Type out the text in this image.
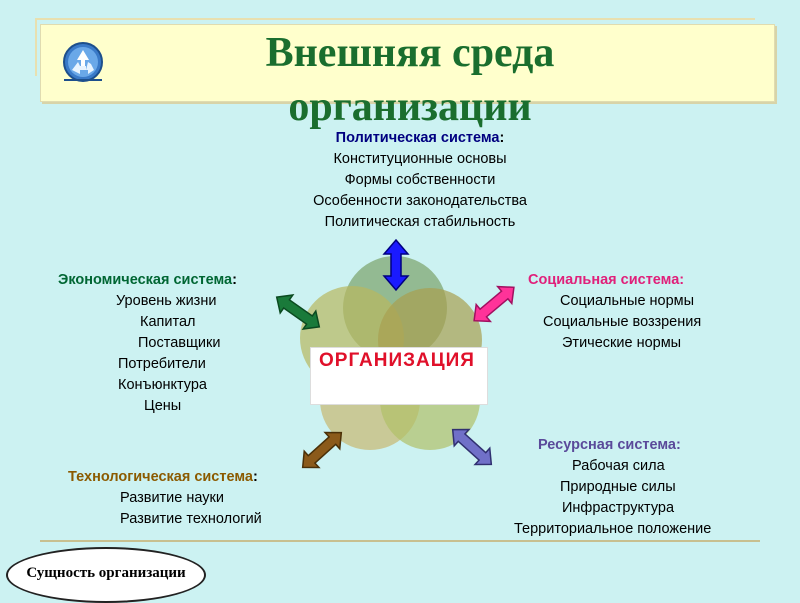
Внешняя среда организации
Политическая система:
Конституционные основы
Формы собственности
Особенности законодательства
Политическая стабильность
Экономическая система:
Уровень жизни
Капитал
Поставщики
Потребители
Конъюнктура
Цены
Социальная система:
Социальные нормы
Социальные воззрения
Этические нормы
Технологическая система:
Развитие науки
Развитие технологий
Ресурсная система:
Рабочая сила
Природные силы
Инфраструктура
Территориальное положение
ОРГАНИЗАЦИЯ
Сущность организации
